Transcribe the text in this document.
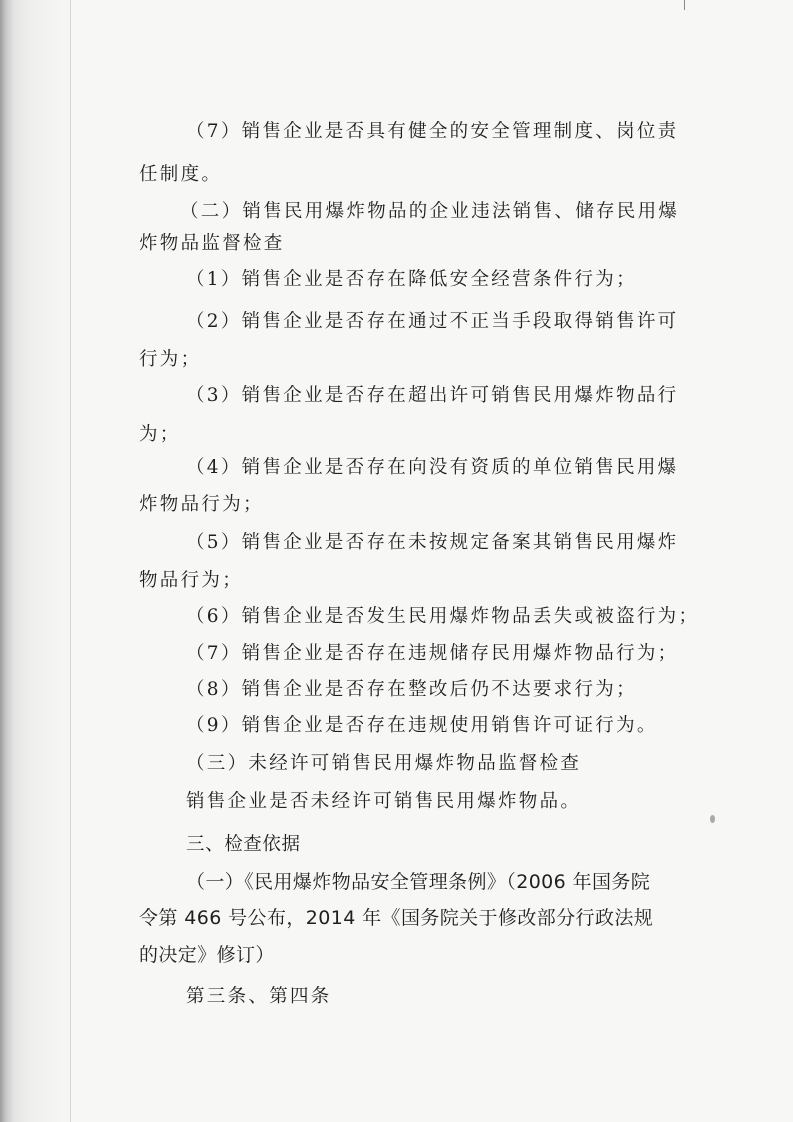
（7）销售企业是否具有健全的安全管理制度、岗位责
任制度。
（二）销售民用爆炸物品的企业违法销售、储存民用爆
炸物品监督检查
（1）销售企业是否存在降低安全经营条件行为；
（2）销售企业是否存在通过不正当手段取得销售许可
行为；
（3）销售企业是否存在超出许可销售民用爆炸物品行
为；
（4）销售企业是否存在向没有资质的单位销售民用爆
炸物品行为；
（5）销售企业是否存在未按规定备案其销售民用爆炸
物品行为；
（6）销售企业是否发生民用爆炸物品丢失或被盗行为；
（7）销售企业是否存在违规储存民用爆炸物品行为；
（8）销售企业是否存在整改后仍不达要求行为；
（9）销售企业是否存在违规使用销售许可证行为。
（三）未经许可销售民用爆炸物品监督检查
销售企业是否未经许可销售民用爆炸物品。
三、检查依据
（一）《民用爆炸物品安全管理条例》（2006 年国务院
令第 466 号公布，2014 年《国务院关于修改部分行政法规
的决定》修订）
第三条、第四条
